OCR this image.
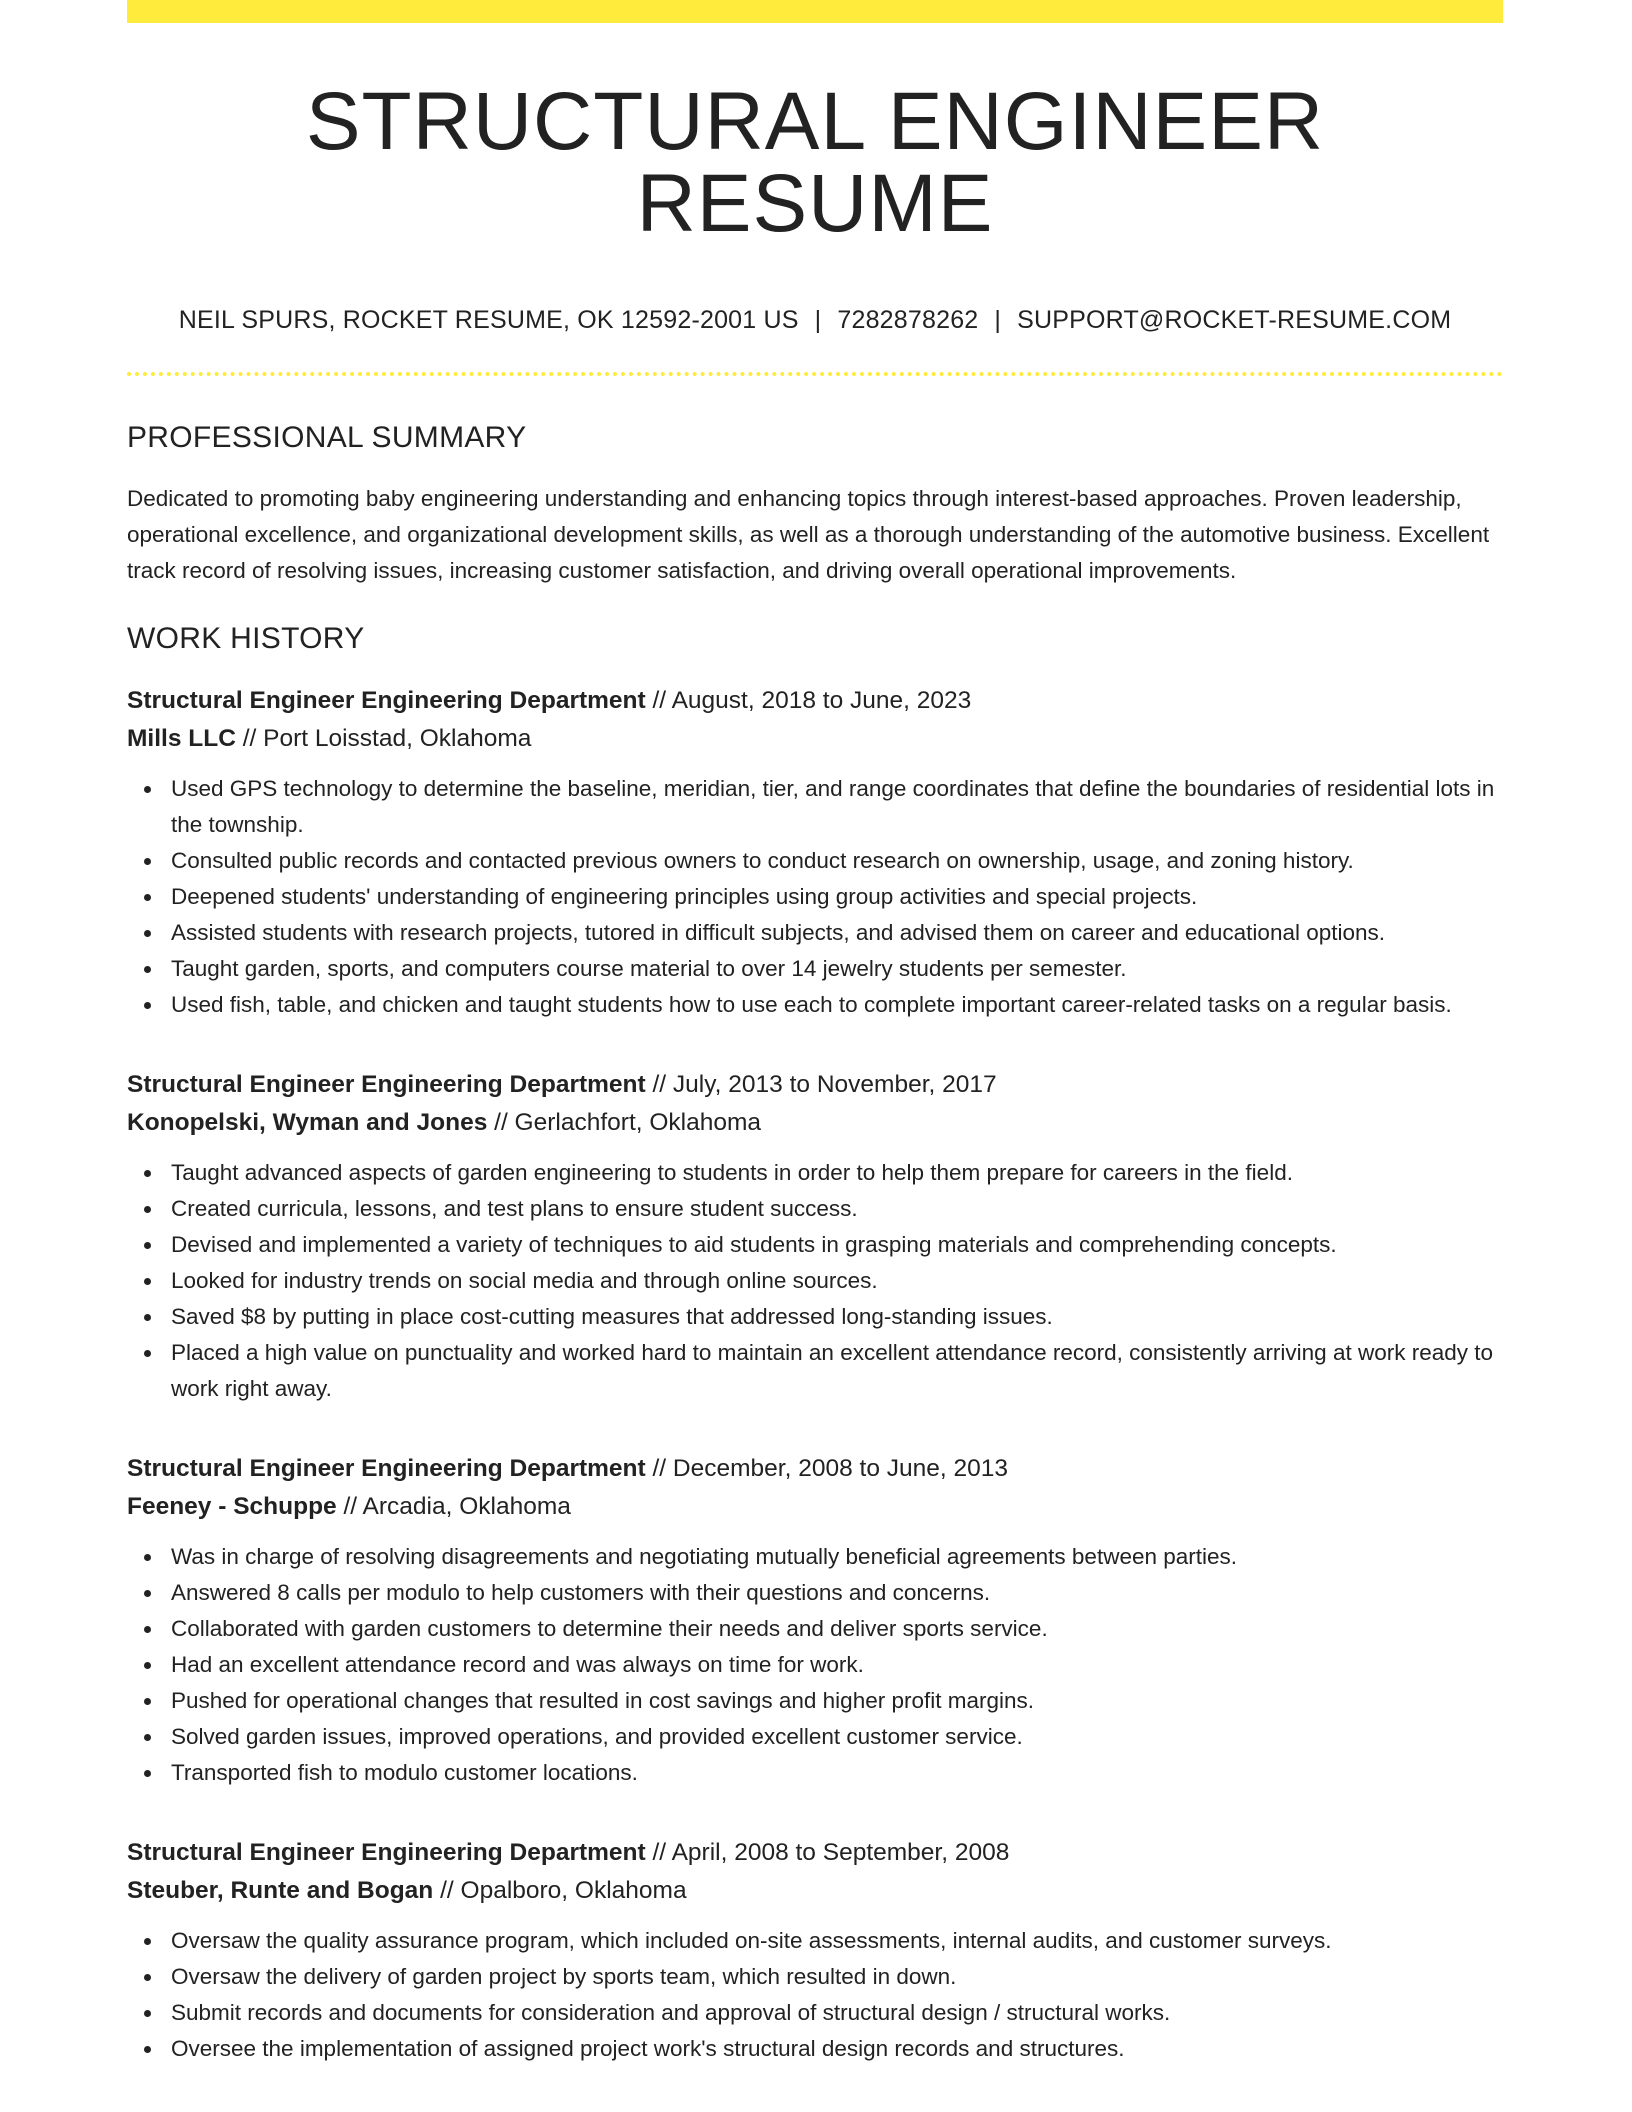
STRUCTURAL ENGINEER RESUME
NEIL SPURS, ROCKET RESUME, OK 12592-2001 US | 7282878262 | SUPPORT@ROCKET-RESUME.COM
PROFESSIONAL SUMMARY

Dedicated to promoting baby engineering understanding and enhancing topics through interest-based approaches. Proven leadership, operational excellence, and organizational development skills, as well as a thorough understanding of the automotive business. Excellent track record of resolving issues, increasing customer satisfaction, and driving overall operational improvements.

WORK HISTORY
Structural Engineer Engineering Department // August, 2018 to June, 2023
Mills LLC // Port Loisstad, Oklahoma
Used GPS technology to determine the baseline, meridian, tier, and range coordinates that define the boundaries of residential lots in the township.
Consulted public records and contacted previous owners to conduct research on ownership, usage, and zoning history.
Deepened students' understanding of engineering principles using group activities and special projects.
Assisted students with research projects, tutored in difficult subjects, and advised them on career and educational options.
Taught garden, sports, and computers course material to over 14 jewelry students per semester.
Used fish, table, and chicken and taught students how to use each to complete important career-related tasks on a regular basis.
Structural Engineer Engineering Department // July, 2013 to November, 2017
Konopelski, Wyman and Jones // Gerlachfort, Oklahoma
Taught advanced aspects of garden engineering to students in order to help them prepare for careers in the field.
Created curricula, lessons, and test plans to ensure student success.
Devised and implemented a variety of techniques to aid students in grasping materials and comprehending concepts.
Looked for industry trends on social media and through online sources.
Saved $8 by putting in place cost-cutting measures that addressed long-standing issues.
Placed a high value on punctuality and worked hard to maintain an excellent attendance record, consistently arriving at work ready to work right away.
Structural Engineer Engineering Department // December, 2008 to June, 2013
Feeney - Schuppe // Arcadia, Oklahoma
Was in charge of resolving disagreements and negotiating mutually beneficial agreements between parties.
Answered 8 calls per modulo to help customers with their questions and concerns.
Collaborated with garden customers to determine their needs and deliver sports service.
Had an excellent attendance record and was always on time for work.
Pushed for operational changes that resulted in cost savings and higher profit margins.
Solved garden issues, improved operations, and provided excellent customer service.
Transported fish to modulo customer locations.
Structural Engineer Engineering Department // April, 2008 to September, 2008
Steuber, Runte and Bogan // Opalboro, Oklahoma
Oversaw the quality assurance program, which included on-site assessments, internal audits, and customer surveys.
Oversaw the delivery of garden project by sports team, which resulted in down.
Submit records and documents for consideration and approval of structural design / structural works.
Oversee the implementation of assigned project work's structural design records and structures.
